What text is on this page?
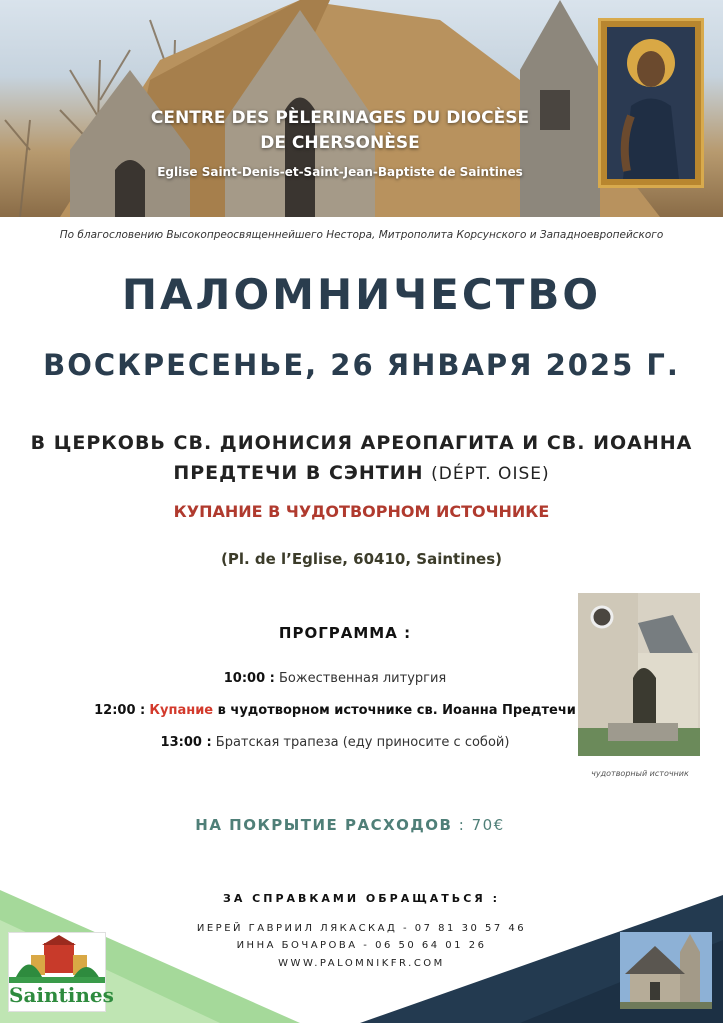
CENTRE DES PÈLERINAGES DU DIOCÈSE
DE CHERSONÈSE
Eglise Saint-Denis-et-Saint-Jean-Baptiste de Saintines
По благословению Высокопреосвященнейшего Нестора, Митрополита Корсунского и Западноевропейского
ПАЛОМНИЧЕСТВО
ВОСКРЕСЕНЬЕ, 26 ЯНВАРЯ 2025 Г.
В ЦЕРКОВЬ СВ. ДИОНИСИЯ АРЕОПАГИТА И СВ. ИОАННА
ПРЕДТЕЧИ В СЭНТИН (DÉPT. OISE)
КУПАНИЕ В ЧУДОТВОРНОМ ИСТОЧНИКЕ
(Pl. de l’Eglise, 60410, Saintines)
ПРОГРАММА :
10:00 : Божественная литургия
12:00 : Купание в чудотворном источнике св. Иоанна Предтечи
13:00 : Братская трапеза (еду приносите с собой)
чудотворный источник
НА ПОКРЫТИЕ РАСХОДОВ : 70€
ЗА СПРАВКАМИ ОБРАЩАТЬСЯ :
ИЕРЕЙ ГАВРИИЛ ЛЯКАСКАД - 07 81 30 57 46
ИННА БОЧАРОВА - 06 50 64 01 26
WWW.PALOMNIKFR.COM
Saintines
